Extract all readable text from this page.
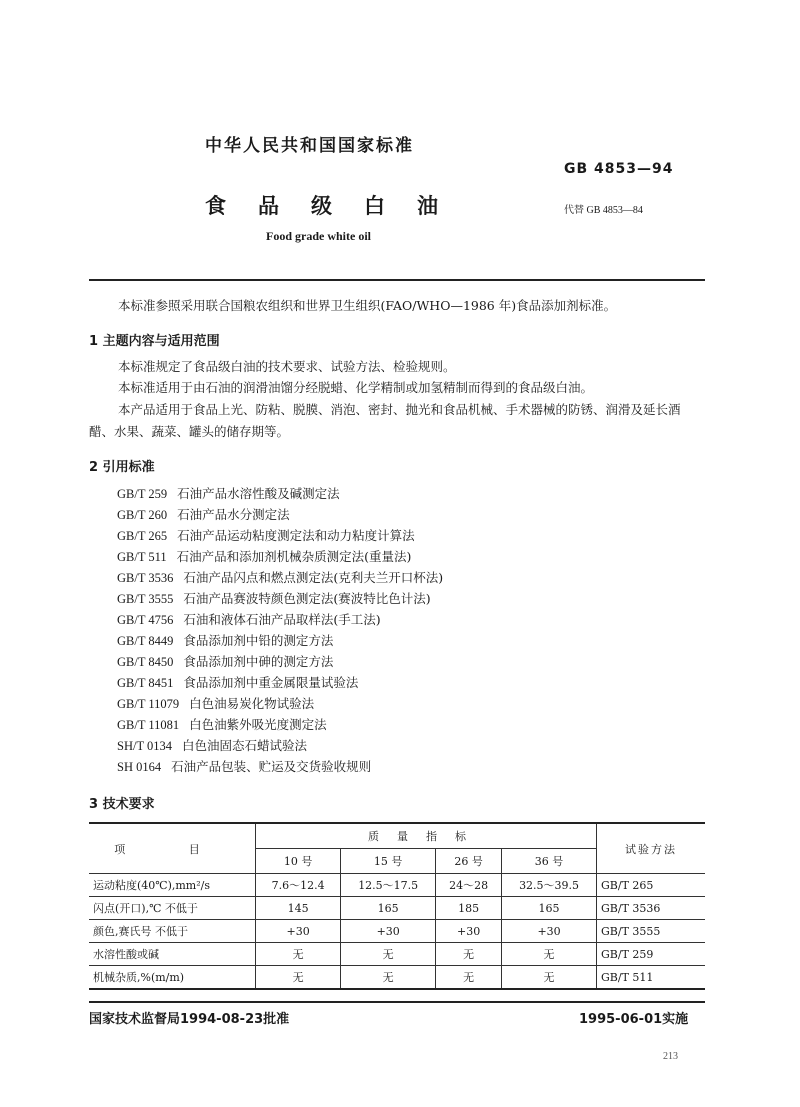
中华人民共和国国家标准
GB 4853—94
食品级白油	代替 GB 4853—84
Food grade white oil
本标准参照采用联合国粮农组织和世界卫生组织(FAO/WHO—1986 年)食品添加剂标准。
1 主题内容与适用范围
本标准规定了食品级白油的技术要求、试验方法、检验规则。
本标准适用于由石油的润滑油馏分经脱蜡、化学精制或加氢精制而得到的食品级白油。
本产品适用于食品上光、防粘、脱膜、消泡、密封、抛光和食品机械、手术器械的防锈、润滑及延长酒
醋、水果、蔬菜、罐头的储存期等。
2 引用标准
GB/T 259 石油产品水溶性酸及碱测定法
GB/T 260 石油产品水分测定法
GB/T 265 石油产品运动粘度测定法和动力粘度计算法
GB/T 511 石油产品和添加剂机械杂质测定法(重量法)
GB/T 3536 石油产品闪点和燃点测定法(克利夫兰开口杯法)
GB/T 3555 石油产品赛波特颜色测定法(赛波特比色计法)
GB/T 4756 石油和液体石油产品取样法(手工法)
GB/T 8449 食品添加剂中铅的测定方法
GB/T 8450 食品添加剂中砷的测定方法
GB/T 8451 食品添加剂中重金属限量试验法
GB/T 11079 白色油易炭化物试验法
GB/T 11081 白色油紫外吸光度测定法
SH/T 0134 白色油固态石蜡试验法
SH 0164 石油产品包装、贮运及交货验收规则
3 技术要求
项 目	质量指标				试验方法
	10 号	15 号	26 号	36 号	
运动粘度(40℃),mm²/s	7.6～12.4	12.5～17.5	24～28	32.5～39.5	GB/T 265
闪点(开口),℃ 不低于	145	165	185	165	GB/T 3536
颜色,赛氏号 不低于	+30	+30	+30	+30	GB/T 3555
水溶性酸或碱	无	无	无	无	GB/T 259
机械杂质,%(m/m)	无	无	无	无	GB/T 511
国家技术监督局1994-08-23批准	1995-06-01实施
213
